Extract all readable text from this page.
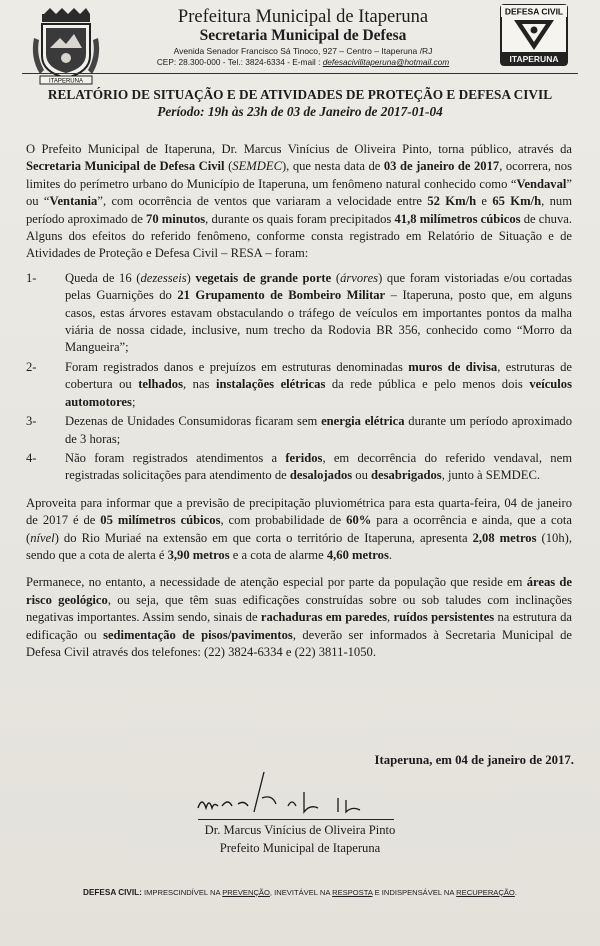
ITAPERUNA
Prefeitura Municipal de Itaperuna
Secretaria Municipal de Defesa
Avenida Senador Francisco Sá Tinoco, 927 – Centro – Itaperuna /RJ
CEP: 28.300-000 - Tel.: 3824-6334 - E-mail : defesacivilitaperuna@hotmail.com
DEFESA CIVIL
ITAPERUNA
RELATÓRIO DE SITUAÇÃO E DE ATIVIDADES DE PROTEÇÃO E DEFESA CIVIL
Período: 19h às 23h de 03 de Janeiro de 2017-01-04

O Prefeito Municipal de Itaperuna, Dr. Marcus Vinícius de Oliveira Pinto, torna público, através da Secretaria Municipal de Defesa Civil (SEMDEC), que nesta data de 03 de janeiro de 2017, ocorrera, nos limites do perímetro urbano do Município de Itaperuna, um fenômeno natural conhecido como “Vendaval” ou “Ventania”, com ocorrência de ventos que variaram a velocidade entre 52 Km/h e 65 Km/h, num período aproximado de 70 minutos, durante os quais foram precipitados 41,8 milímetros cúbicos de chuva. Alguns dos efeitos do referido fenômeno, conforme consta registrado em Relatório de Situação e de Atividades de Proteção e Defesa Civil – RESA – foram:

1-	Queda de 16 (dezesseis) vegetais de grande porte (árvores) que foram vistoriadas e/ou cortadas pelas Guarnições do 21 Grupamento de Bombeiro Militar – Itaperuna, posto que, em alguns casos, estas árvores estavam obstaculando o tráfego de veículos em importantes pontos da malha viária de nossa cidade, inclusive, num trecho da Rodovia BR 356, conhecido como “Morro da Mangueira”;
2-	Foram registrados danos e prejuízos em estruturas denominadas muros de divisa, estruturas de cobertura ou telhados, nas instalações elétricas da rede pública e pelo menos dois veículos automotores;
3-	Dezenas de Unidades Consumidoras ficaram sem energia elétrica durante um período aproximado de 3 horas;
4-	Não foram registrados atendimentos a feridos, em decorrência do referido vendaval, nem registradas solicitações para atendimento de desalojados ou desabrigados, junto à SEMDEC.

Aproveita para informar que a previsão de precipitação pluviométrica para esta quarta-feira, 04 de janeiro de 2017 é de 05 milímetros cúbicos, com probabilidade de 60% para a ocorrência e ainda, que a cota (nível) do Rio Muriaé na extensão em que corta o território de Itaperuna, apresenta 2,08 metros (10h), sendo que a cota de alerta é 3,90 metros e a cota de alarme 4,60 metros.

Permanece, no entanto, a necessidade de atenção especial por parte da população que reside em áreas de risco geológico, ou seja, que têm suas edificações construídas sobre ou sob taludes com inclinações negativas importantes. Assim sendo, sinais de rachaduras em paredes, ruídos persistentes na estrutura da edificação ou sedimentação de pisos/pavimentos, deverão ser informados à Secretaria Municipal de Defesa Civil através dos telefones: (22) 3824-6334 e (22) 3811-1050.

Itaperuna, em 04 de janeiro de 2017.
Dr. Marcus Vinícius de Oliveira Pinto
Prefeito Municipal de Itaperuna
DEFESA CIVIL: IMPRESCINDÍVEL NA PREVENÇÃO, INEVITÁVEL NA RESPOSTA E INDISPENSÁVEL NA RECUPERAÇÃO.
